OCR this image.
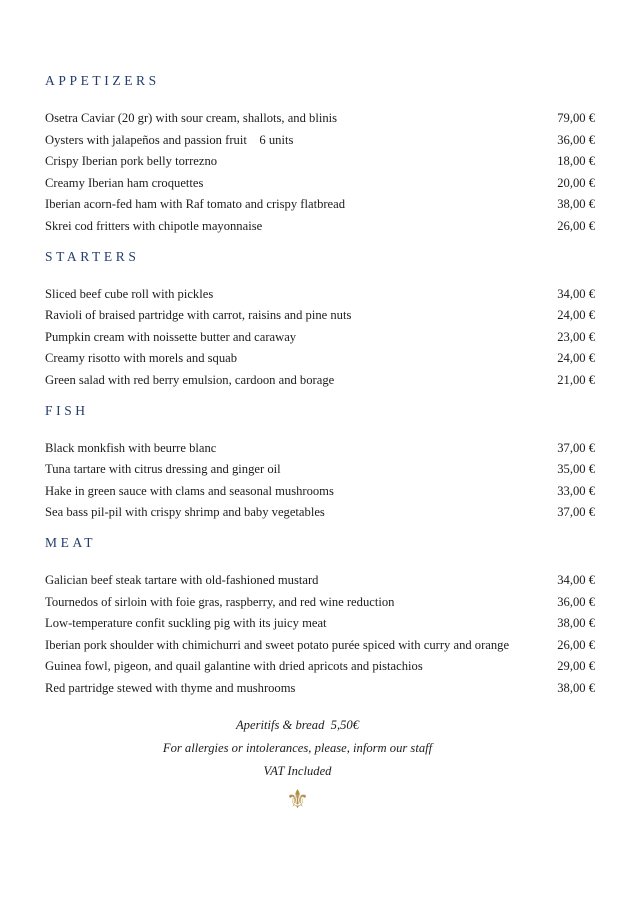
APPETIZERS
Osetra Caviar (20 gr) with sour cream, shallots, and blinis	79,00 €
Oysters with jalapeños and passion fruit    6 units	36,00 €
Crispy Iberian pork belly torrezno	18,00 €
Creamy Iberian ham croquettes	20,00 €
Iberian acorn-fed ham with Raf tomato and crispy flatbread	38,00 €
Skrei cod fritters with chipotle mayonnaise	26,00 €
STARTERS
Sliced beef cube roll with pickles	34,00 €
Ravioli of braised partridge with carrot, raisins and pine nuts	24,00 €
Pumpkin cream with noissette butter and caraway	23,00 €
Creamy risotto with morels and squab	24,00 €
Green salad with red berry emulsion, cardoon and borage	21,00 €
FISH
Black monkfish with beurre blanc	37,00 €
Tuna tartare with citrus dressing and ginger oil	35,00 €
Hake in green sauce with clams and seasonal mushrooms	33,00 €
Sea bass pil-pil with crispy shrimp and baby vegetables	37,00 €
MEAT
Galician beef steak tartare with old-fashioned mustard	34,00 €
Tournedos of sirloin with foie gras, raspberry, and red wine reduction	36,00 €
Low-temperature confit suckling pig with its juicy meat	38,00 €
Iberian pork shoulder with chimichurri and sweet potato purée spiced with curry and orange	26,00 €
Guinea fowl, pigeon, and quail galantine with dried apricots and pistachios	29,00 €
Red partridge stewed with thyme and mushrooms	38,00 €
Aperitifs & bread  5,50€
For allergies or intolerances, please, inform our staff
VAT Included
⚜
